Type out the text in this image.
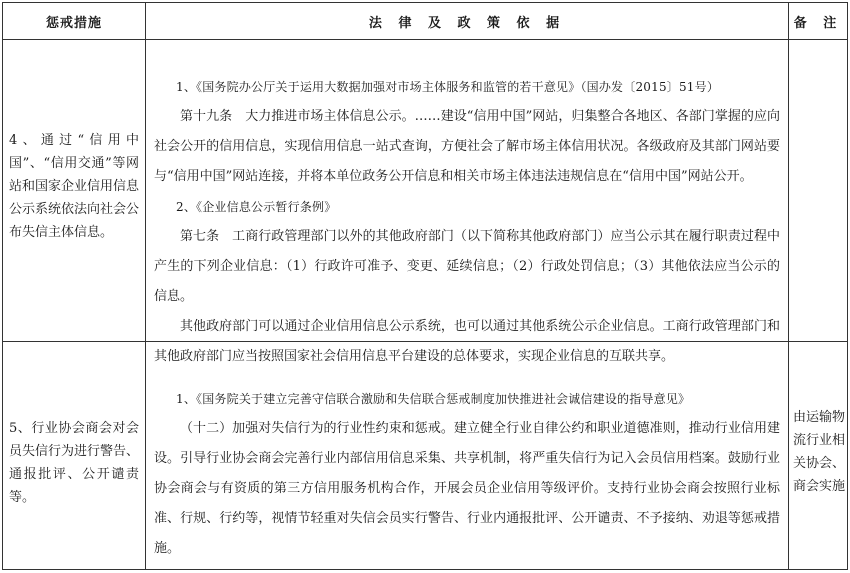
惩戒措施	法 律 及 政 策 依 据	备 注
4、通过“信用中国”、“信用交通”等网站和国家企业信用信息公示系统依法向社会公布失信主体信息。

1、《国务院办公厅关于运用大数据加强对市场主体服务和监管的若干意见》（国办发〔2015〕51号）

第十九条　大力推进市场主体信息公示。……建设“信用中国”网站，归集整合各地区、各部门掌握的应向社会公开的信用信息，实现信用信息一站式查询，方便社会了解市场主体信用状况。各级政府及其部门网站要与“信用中国”网站连接，并将本单位政务公开信息和相关市场主体违法违规信息在“信用中国”网站公开。

2、《企业信息公示暂行条例》

第七条　工商行政管理部门以外的其他政府部门（以下简称其他政府部门）应当公示其在履行职责过程中产生的下列企业信息：（1）行政许可准予、变更、延续信息；（2）行政处罚信息；（3）其他依法应当公示的信息。

其他政府部门可以通过企业信用信息公示系统，也可以通过其他系统公示企业信息。工商行政管理部门和其他政府部门应当按照国家社会信用信息平台建设的总体要求，实现企业信息的互联共享。

5、行业协会商会对会员失信行为进行警告、通报批评、公开谴责等。

1、《国务院关于建立完善守信联合激励和失信联合惩戒制度加快推进社会诚信建设的指导意见》

（十二）加强对失信行为的行业性约束和惩戒。建立健全行业自律公约和职业道德准则，推动行业信用建设。引导行业协会商会完善行业内部信用信息采集、共享机制，将严重失信行为记入会员信用档案。鼓励行业协会商会与有资质的第三方信用服务机构合作，开展会员企业信用等级评价。支持行业协会商会按照行业标准、行规、行约等，视情节轻重对失信会员实行警告、行业内通报批评、公开谴责、不予接纳、劝退等惩戒措施。

由运输物流行业相关协会、商会实施
